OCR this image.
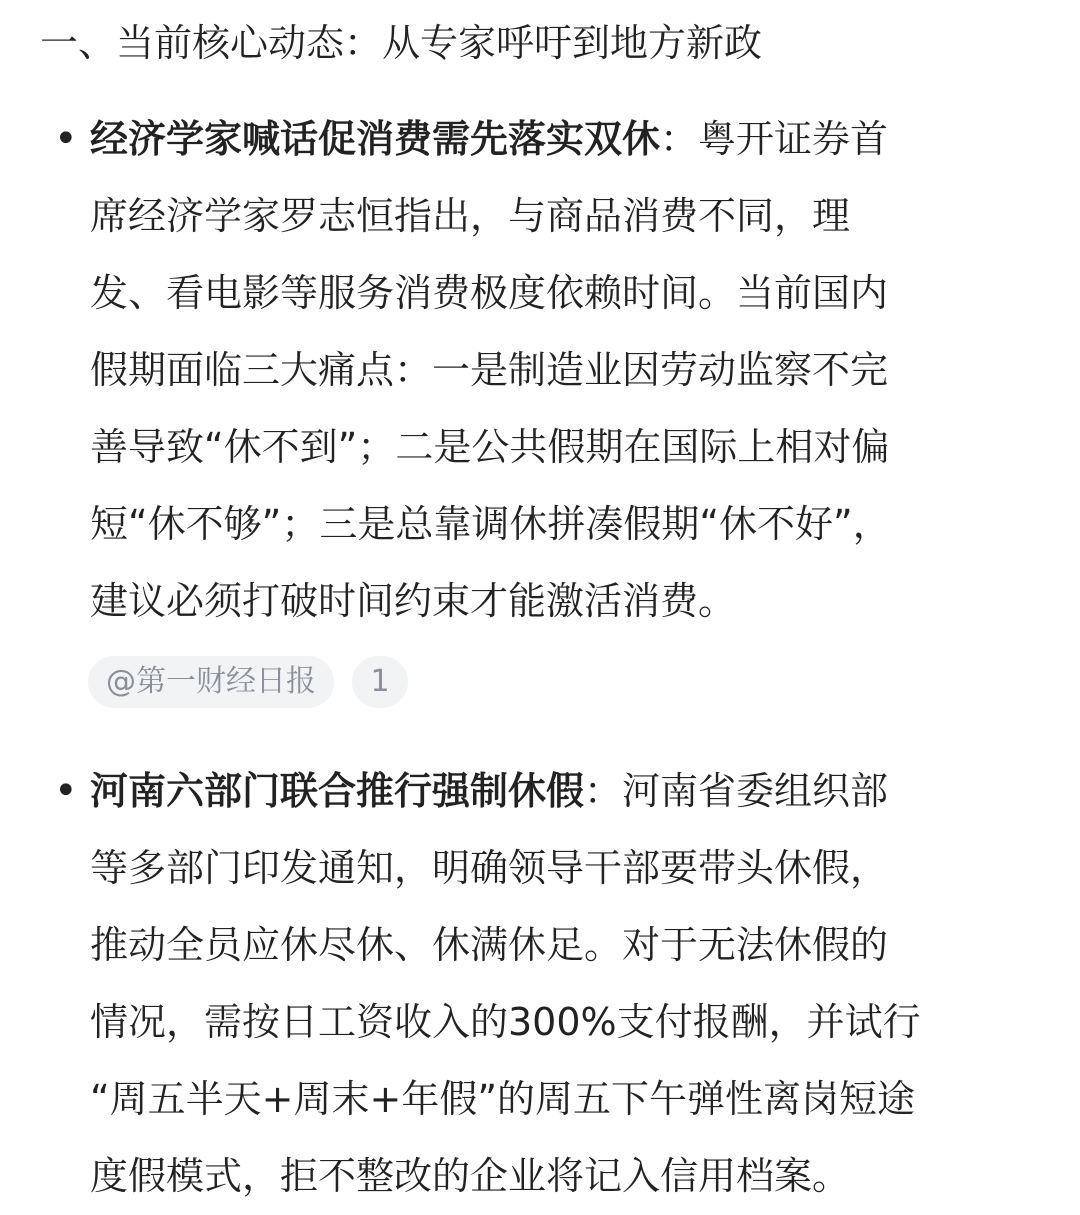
一、当前核心动态：从专家呼吁到地方新政
• 经济学家喊话促消费需先落实双休：粤开证券首
席经济学家罗志恒指出，与商品消费不同，理
发、看电影等服务消费极度依赖时间。当前国内
假期面临三大痛点：一是制造业因劳动监察不完
善导致“休不到”；二是公共假期在国际上相对偏
短“休不够”；三是总靠调休拼凑假期“休不好”，
建议必须打破时间约束才能激活消费。
@第一财经日报	1
• 河南六部门联合推行强制休假：河南省委组织部
等多部门印发通知，明确领导干部要带头休假，
推动全员应休尽休、休满休足。对于无法休假的
情况，需按日工资收入的300%支付报酬，并试行
“周五半天+周末+年假”的周五下午弹性离岗短途
度假模式，拒不整改的企业将记入信用档案。
